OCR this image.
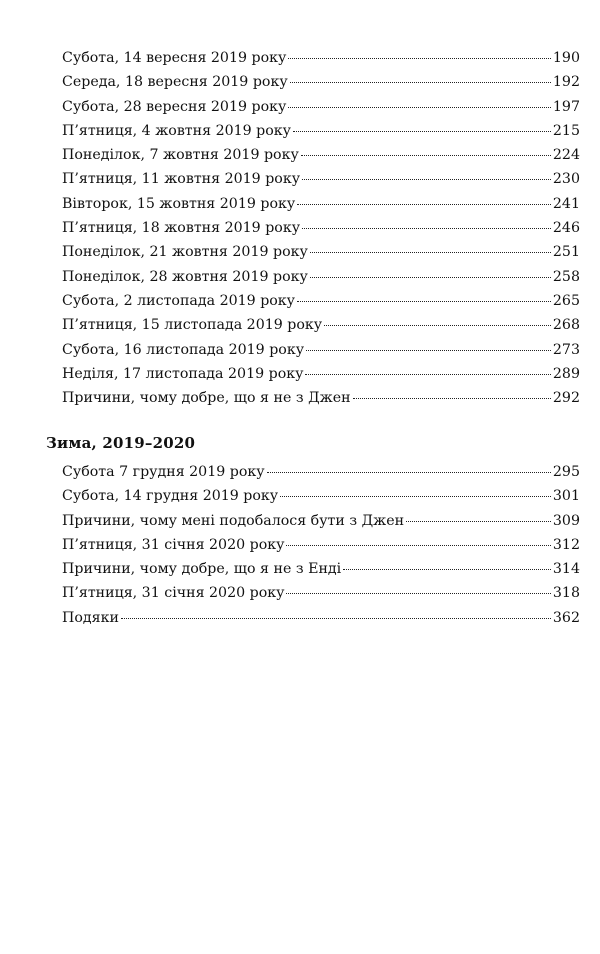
Субота, 14 вересня 2019 року	190
Середа, 18 вересня 2019 року	192
Субота, 28 вересня 2019 року	197
П’ятниця, 4 жовтня 2019 року	215
Понеділок, 7 жовтня 2019 року	224
П’ятниця, 11 жовтня 2019 року	230
Вівторок, 15 жовтня 2019 року	241
П’ятниця, 18 жовтня 2019 року	246
Понеділок, 21 жовтня 2019 року	251
Понеділок, 28 жовтня 2019 року	258
Субота, 2 листопада 2019 року	265
П’ятниця, 15 листопада 2019 року	268
Субота, 16 листопада 2019 року	273
Неділя, 17 листопада 2019 року	289
Причини, чому добре, що я не з Джен	292
Зима, 2019–2020
Субота 7 грудня 2019 року	295
Субота, 14 грудня 2019 року	301
Причини, чому мені подобалося бути з Джен	309
П’ятниця, 31 січня 2020 року	312
Причини, чому добре, що я не з Енді	314
П’ятниця, 31 січня 2020 року	318
Подяки	362
